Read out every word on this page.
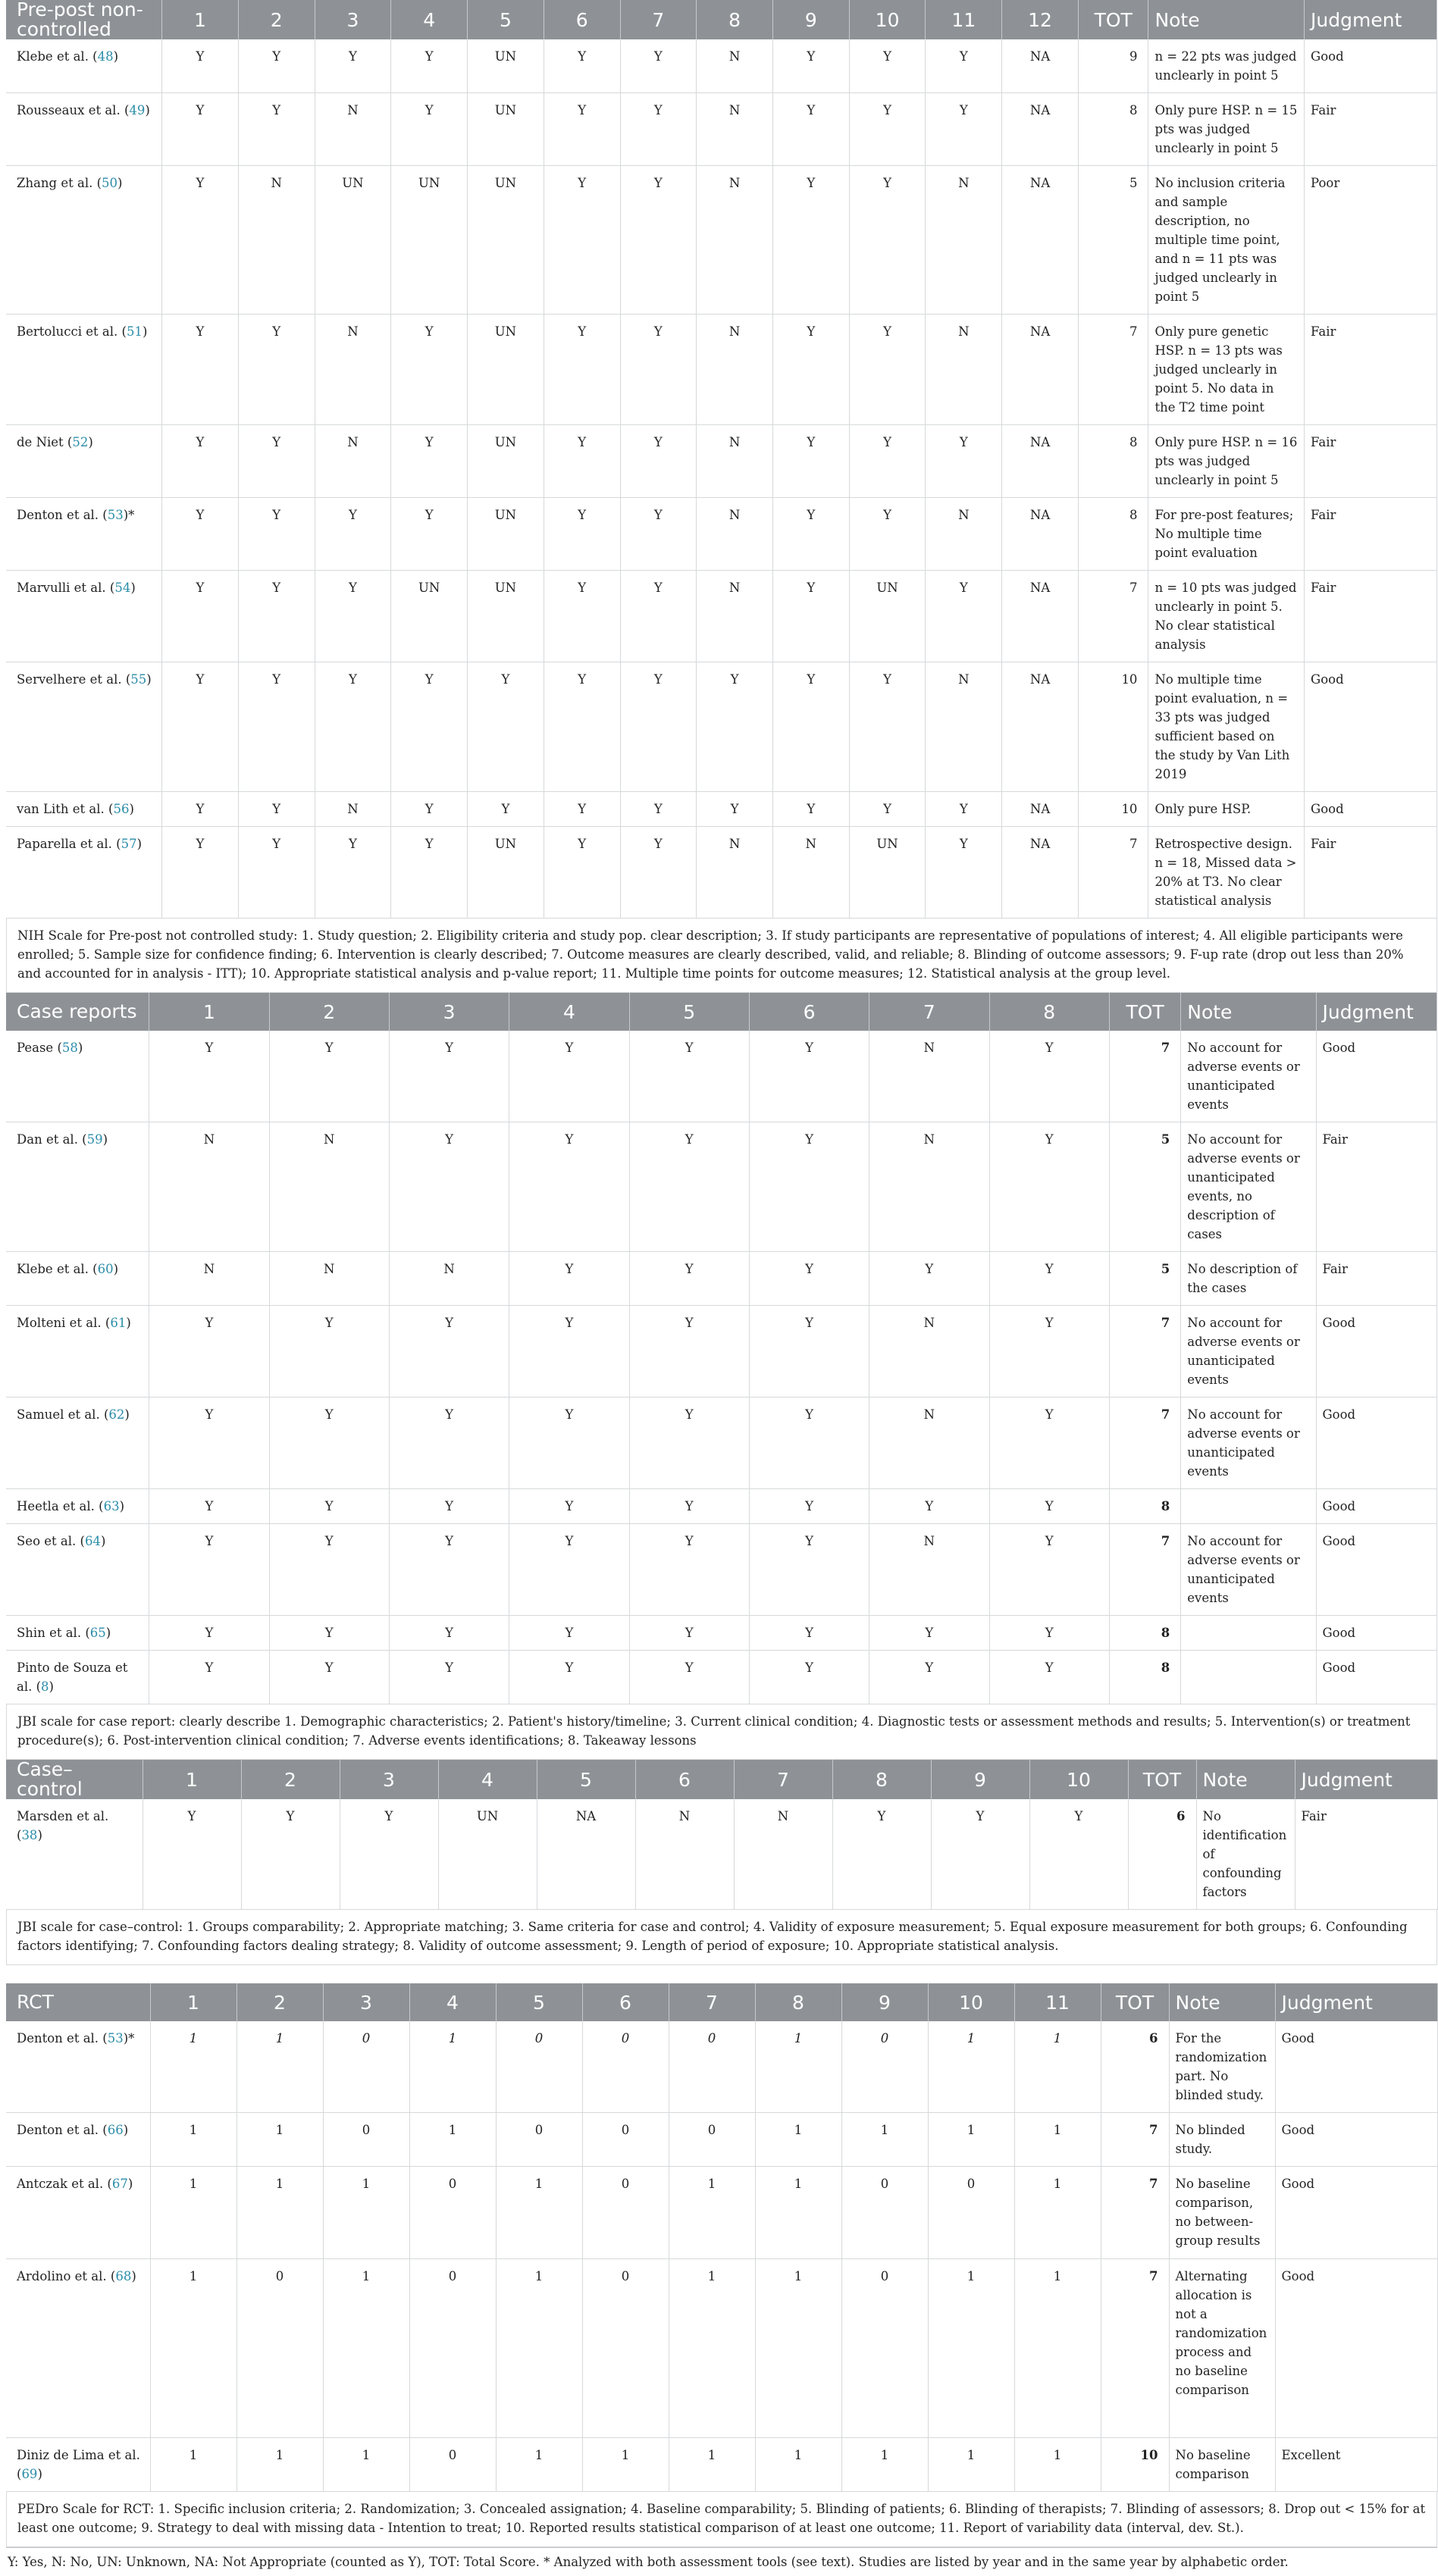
Pre-post non-controlled	1	2	3	4	5	6	7	8	9	10	11	12	TOT	Note	Judgment
Klebe et al. (48)	Y	Y	Y	Y	UN	Y	Y	N	Y	Y	Y	NA	9	n = 22 pts was judged unclearly in point 5	Good
Rousseaux et al. (49)	Y	Y	N	Y	UN	Y	Y	N	Y	Y	Y	NA	8	Only pure HSP. n = 15 pts was judged unclearly in point 5	Fair
Zhang et al. (50)	Y	N	UN	UN	UN	Y	Y	N	Y	Y	N	NA	5	No inclusion criteria and sample description, no multiple time point, and n = 11 pts was judged unclearly in point 5	Poor
Bertolucci et al. (51)	Y	Y	N	Y	UN	Y	Y	N	Y	Y	N	NA	7	Only pure genetic HSP. n = 13 pts was judged unclearly in point 5. No data in the T2 time point	Fair
de Niet (52)	Y	Y	N	Y	UN	Y	Y	N	Y	Y	Y	NA	8	Only pure HSP. n = 16 pts was judged unclearly in point 5	Fair
Denton et al. (53)*	Y	Y	Y	Y	UN	Y	Y	N	Y	Y	N	NA	8	For pre-post features; No multiple time point evaluation	Fair
Marvulli et al. (54)	Y	Y	Y	UN	UN	Y	Y	N	Y	UN	Y	NA	7	n = 10 pts was judged unclearly in point 5. No clear statistical analysis	Fair
Servelhere et al. (55)	Y	Y	Y	Y	Y	Y	Y	Y	Y	Y	N	NA	10	No multiple time point evaluation, n = 33 pts was judged sufficient based on the study by Van Lith 2019	Good
van Lith et al. (56)	Y	Y	N	Y	Y	Y	Y	Y	Y	Y	Y	NA	10	Only pure HSP.	Good
Paparella et al. (57)	Y	Y	Y	Y	UN	Y	Y	N	N	UN	Y	NA	7	Retrospective design. n = 18, Missed data > 20% at T3. No clear statistical analysis	Fair
NIH Scale for Pre-post not controlled study: 1. Study question; 2. Eligibility criteria and study pop. clear description; 3. If study participants are representative of populations of interest; 4. All eligible participants were enrolled; 5. Sample size for confidence finding; 6. Intervention is clearly described; 7. Outcome measures are clearly described, valid, and reliable; 8. Blinding of outcome assessors; 9. F-up rate (drop out less than 20% and accounted for in analysis - ITT); 10. Appropriate statistical analysis and p-value report; 11. Multiple time points for outcome measures; 12. Statistical analysis at the group level.
Case reports	1	2	3	4	5	6	7	8	TOT	Note	Judgment
Pease (58)	Y	Y	Y	Y	Y	Y	N	Y	7	No account for adverse events or unanticipated events	Good
Dan et al. (59)	N	N	Y	Y	Y	Y	N	Y	5	No account for adverse events or unanticipated events, no description of cases	Fair
Klebe et al. (60)	N	N	N	Y	Y	Y	Y	Y	5	No description of the cases	Fair
Molteni et al. (61)	Y	Y	Y	Y	Y	Y	N	Y	7	No account for adverse events or unanticipated events	Good
Samuel et al. (62)	Y	Y	Y	Y	Y	Y	N	Y	7	No account for adverse events or unanticipated events	Good
Heetla et al. (63)	Y	Y	Y	Y	Y	Y	Y	Y	8		Good
Seo et al. (64)	Y	Y	Y	Y	Y	Y	N	Y	7	No account for adverse events or unanticipated events	Good
Shin et al. (65)	Y	Y	Y	Y	Y	Y	Y	Y	8		Good
Pinto de Souza et al. (8)	Y	Y	Y	Y	Y	Y	Y	Y	8		Good
JBI scale for case report: clearly describe 1. Demographic characteristics; 2. Patient's history/timeline; 3. Current clinical condition; 4. Diagnostic tests or assessment methods and results; 5. Intervention(s) or treatment procedure(s); 6. Post-intervention clinical condition; 7. Adverse events identifications; 8. Takeaway lessons
Case–control	1	2	3	4	5	6	7	8	9	10	TOT	Note	Judgment
Marsden et al. (38)	Y	Y	Y	UN	NA	N	N	Y	Y	Y	6	No identification of confounding factors	Fair
JBI scale for case–control: 1. Groups comparability; 2. Appropriate matching; 3. Same criteria for case and control; 4. Validity of exposure measurement; 5. Equal exposure measurement for both groups; 6. Confounding factors identifying; 7. Confounding factors dealing strategy; 8. Validity of outcome assessment; 9. Length of period of exposure; 10. Appropriate statistical analysis.
RCT	1	2	3	4	5	6	7	8	9	10	11	TOT	Note	Judgment
Denton et al. (53)*	1	1	0	1	0	0	0	1	0	1	1	6	For the randomization part. No blinded study.	Good
Denton et al. (66)	1	1	0	1	0	0	0	1	1	1	1	7	No blinded study.	Good
Antczak et al. (67)	1	1	1	0	1	0	1	1	0	0	1	7	No baseline comparison, no between-group results	Good
Ardolino et al. (68)	1	0	1	0	1	0	1	1	0	1	1	7	Alternating allocation is not a randomization process and no baseline comparison	Good
Diniz de Lima et al. (69)	1	1	1	0	1	1	1	1	1	1	1	10	No baseline comparison	Excellent
PEDro Scale for RCT: 1. Specific inclusion criteria; 2. Randomization; 3. Concealed assignation; 4. Baseline comparability; 5. Blinding of patients; 6. Blinding of therapists; 7. Blinding of assessors; 8. Drop out < 15% for at least one outcome; 9. Strategy to deal with missing data - Intention to treat; 10. Reported results statistical comparison of at least one outcome; 11. Report of variability data (interval, dev. St.).
Y: Yes, N: No, UN: Unknown, NA: Not Appropriate (counted as Y), TOT: Total Score. * Analyzed with both assessment tools (see text). Studies are listed by year and in the same year by alphabetic order.
